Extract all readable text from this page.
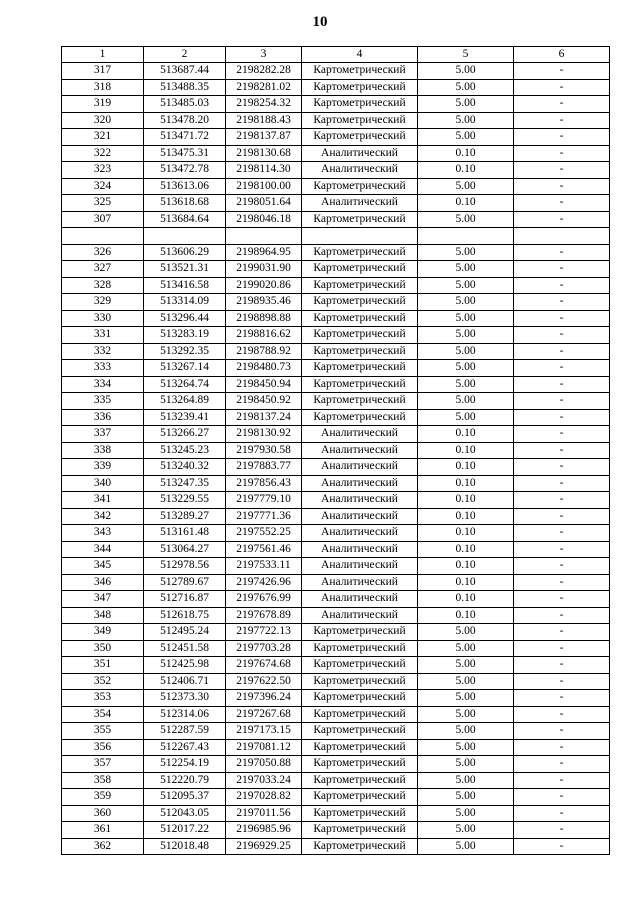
10
1	2	3	4	5	6
317	513687.44	2198282.28	Картометрический	5.00	-
318	513488.35	2198281.02	Картометрический	5.00	-
319	513485.03	2198254.32	Картометрический	5.00	-
320	513478.20	2198188.43	Картометрический	5.00	-
321	513471.72	2198137.87	Картометрический	5.00	-
322	513475.31	2198130.68	Аналитический	0.10	-
323	513472.78	2198114.30	Аналитический	0.10	-
324	513613.06	2198100.00	Картометрический	5.00	-
325	513618.68	2198051.64	Аналитический	0.10	-
307	513684.64	2198046.18	Картометрический	5.00	-

326	513606.29	2198964.95	Картометрический	5.00	-
327	513521.31	2199031.90	Картометрический	5.00	-
328	513416.58	2199020.86	Картометрический	5.00	-
329	513314.09	2198935.46	Картометрический	5.00	-
330	513296.44	2198898.88	Картометрический	5.00	-
331	513283.19	2198816.62	Картометрический	5.00	-
332	513292.35	2198788.92	Картометрический	5.00	-
333	513267.14	2198480.73	Картометрический	5.00	-
334	513264.74	2198450.94	Картометрический	5.00	-
335	513264.89	2198450.92	Картометрический	5.00	-
336	513239.41	2198137.24	Картометрический	5.00	-
337	513266.27	2198130.92	Аналитический	0.10	-
338	513245.23	2197930.58	Аналитический	0.10	-
339	513240.32	2197883.77	Аналитический	0.10	-
340	513247.35	2197856.43	Аналитический	0.10	-
341	513229.55	2197779.10	Аналитический	0.10	-
342	513289.27	2197771.36	Аналитический	0.10	-
343	513161.48	2197552.25	Аналитический	0.10	-
344	513064.27	2197561.46	Аналитический	0.10	-
345	512978.56	2197533.11	Аналитический	0.10	-
346	512789.67	2197426.96	Аналитический	0.10	-
347	512716.87	2197676.99	Аналитический	0.10	-
348	512618.75	2197678.89	Аналитический	0.10	-
349	512495.24	2197722.13	Картометрический	5.00	-
350	512451.58	2197703.28	Картометрический	5.00	-
351	512425.98	2197674.68	Картометрический	5.00	-
352	512406.71	2197622.50	Картометрический	5.00	-
353	512373.30	2197396.24	Картометрический	5.00	-
354	512314.06	2197267.68	Картометрический	5.00	-
355	512287.59	2197173.15	Картометрический	5.00	-
356	512267.43	2197081.12	Картометрический	5.00	-
357	512254.19	2197050.88	Картометрический	5.00	-
358	512220.79	2197033.24	Картометрический	5.00	-
359	512095.37	2197028.82	Картометрический	5.00	-
360	512043.05	2197011.56	Картометрический	5.00	-
361	512017.22	2196985.96	Картометрический	5.00	-
362	512018.48	2196929.25	Картометрический	5.00	-
